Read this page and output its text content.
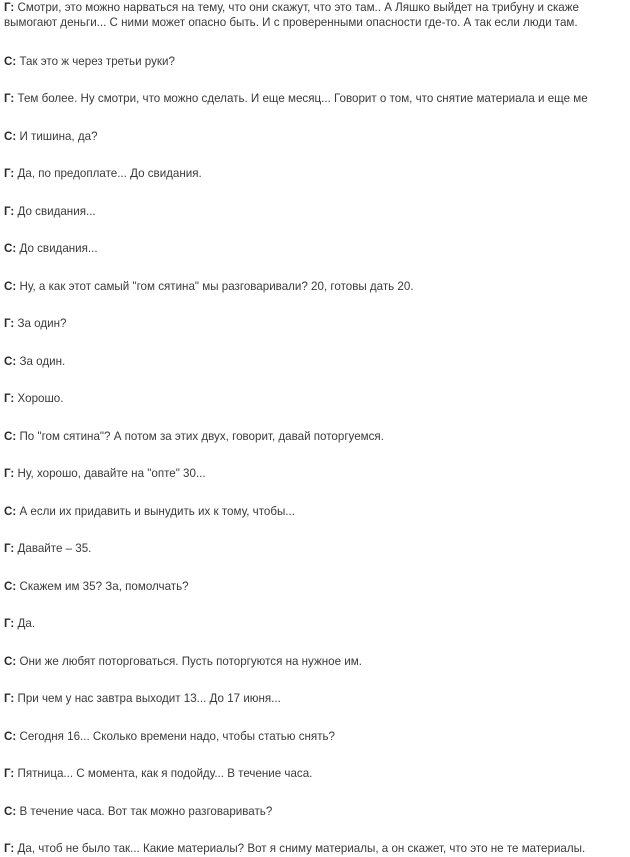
Г: Смотри, это можно нарваться на тему, что они скажут, что это там.. А Ляшко выйдет на трибуну и скаже
вымогают деньги... С ними может опасно быть. И с проверенными опасности где-то. А так если люди там.
С: Так это ж через третьи руки?
Г: Тем более. Ну смотри, что можно сделать. И еще месяц... Говорит о том, что снятие материала и еще ме
С: И тишина, да?
Г: Да, по предоплате... До свидания.
Г: До свидания...
С: До свидания...
С: Ну, а как этот самый "гом сятина" мы разговаривали? 20, готовы дать 20.
Г: За один?
С: За один.
Г: Хорошо.
С: По "гом сятина"? А потом за этих двух, говорит, давай поторгуемся.
Г: Ну, хорошо, давайте на "опте" 30...
С: А если их придавить и вынудить их к тому, чтобы...
Г: Давайте – 35.
С: Скажем им 35? За, помолчать?
Г: Да.
С: Они же любят поторговаться. Пусть поторгуются на нужное им.
Г: При чем у нас завтра выходит 13... До 17 июня...
С: Сегодня 16... Сколько времени надо, чтобы статью снять?
Г: Пятница... С момента, как я подойду... В течение часа.
С: В течение часа. Вот так можно разговаривать?
Г: Да, чтоб не было так... Какие материалы? Вот я сниму материалы, а он скажет, что это не те материалы.
